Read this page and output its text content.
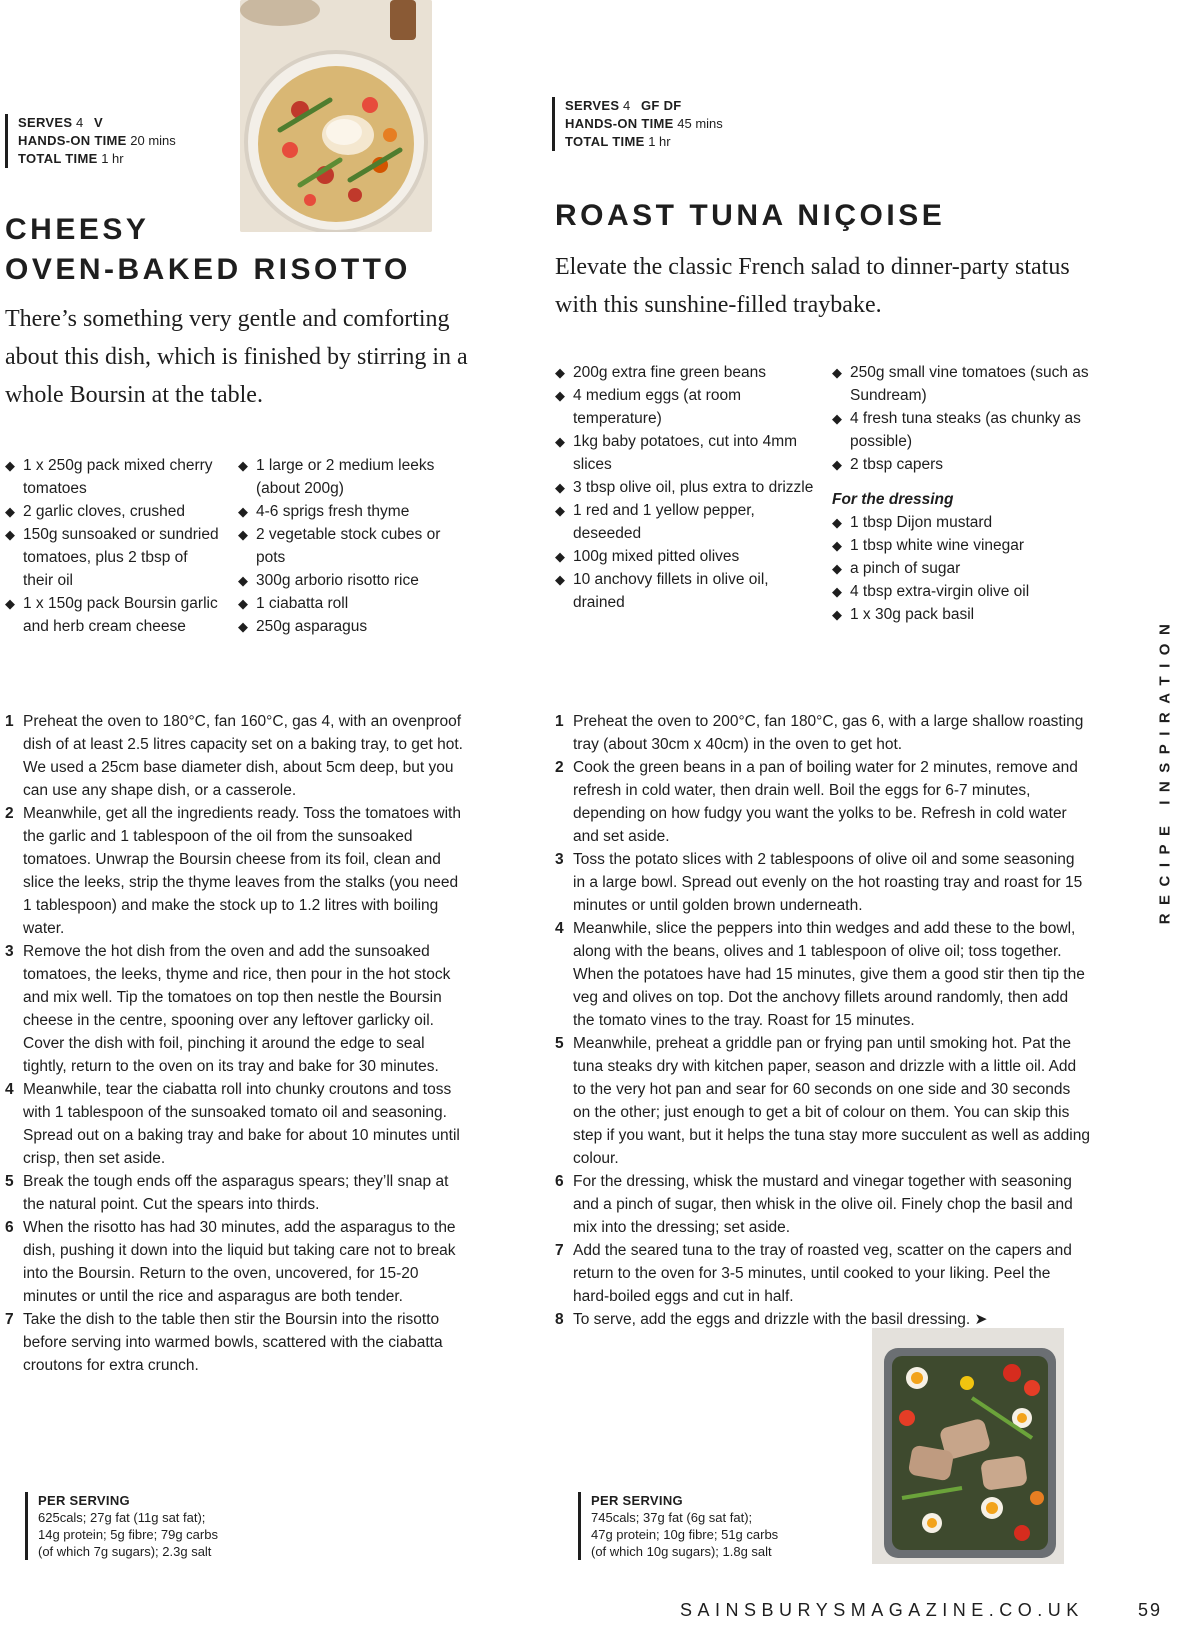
SERVES 4 V
HANDS-ON TIME 20 mins
TOTAL TIME 1 hr
CHEESY
OVEN-BAKED RISOTTO

There’s something very gentle and comforting about this dish, which is finished by stirring in a whole Boursin at the table.

◆ 1 x 250g pack mixed cherry tomatoes
◆ 2 garlic cloves, crushed
◆ 150g sunsoaked or sundried tomatoes, plus 2 tbsp of their oil
◆ 1 x 150g pack Boursin garlic and herb cream cheese
◆ 1 large or 2 medium leeks (about 200g)
◆ 4-6 sprigs fresh thyme
◆ 2 vegetable stock cubes or pots
◆ 300g arborio risotto rice
◆ 1 ciabatta roll
◆ 250g asparagus
1 Preheat the oven to 180°C, fan 160°C, gas 4, with an ovenproof dish of at least 2.5 litres capacity set on a baking tray, to get hot. We used a 25cm base diameter dish, about 5cm deep, but you can use any shape dish, or a casserole.
2 Meanwhile, get all the ingredients ready. Toss the tomatoes with the garlic and 1 tablespoon of the oil from the sunsoaked tomatoes. Unwrap the Boursin cheese from its foil, clean and slice the leeks, strip the thyme leaves from the stalks (you need 1 tablespoon) and make the stock up to 1.2 litres with boiling water.
3 Remove the hot dish from the oven and add the sunsoaked tomatoes, the leeks, thyme and rice, then pour in the hot stock and mix well. Tip the tomatoes on top then nestle the Boursin cheese in the centre, spooning over any leftover garlicky oil. Cover the dish with foil, pinching it around the edge to seal tightly, return to the oven on its tray and bake for 30 minutes.
4 Meanwhile, tear the ciabatta roll into chunky croutons and toss with 1 tablespoon of the sunsoaked tomato oil and seasoning. Spread out on a baking tray and bake for about 10 minutes until crisp, then set aside.
5 Break the tough ends off the asparagus spears; they’ll snap at the natural point. Cut the spears into thirds.
6 When the risotto has had 30 minutes, add the asparagus to the dish, pushing it down into the liquid but taking care not to break into the Boursin. Return to the oven, uncovered, for 15-20 minutes or until the rice and asparagus are both tender.
7 Take the dish to the table then stir the Boursin into the risotto before serving into warmed bowls, scattered with the ciabatta croutons for extra crunch.
PER SERVING
625cals; 27g fat (11g sat fat);
14g protein; 5g fibre; 79g carbs
(of which 7g sugars); 2.3g salt
SERVES 4 GF DF
HANDS-ON TIME 45 mins
TOTAL TIME 1 hr
ROAST TUNA NIÇOISE

Elevate the classic French salad to dinner-party status with this sunshine-filled traybake.

◆ 200g extra fine green beans
◆ 4 medium eggs (at room temperature)
◆ 1kg baby potatoes, cut into 4mm slices
◆ 3 tbsp olive oil, plus extra to drizzle
◆ 1 red and 1 yellow pepper, deseeded
◆ 100g mixed pitted olives
◆ 10 anchovy fillets in olive oil, drained
◆ 250g small vine tomatoes (such as Sundream)
◆ 4 fresh tuna steaks (as chunky as possible)
◆ 2 tbsp capers
For the dressing
◆ 1 tbsp Dijon mustard
◆ 1 tbsp white wine vinegar
◆ a pinch of sugar
◆ 4 tbsp extra-virgin olive oil
◆ 1 x 30g pack basil
1 Preheat the oven to 200°C, fan 180°C, gas 6, with a large shallow roasting tray (about 30cm x 40cm) in the oven to get hot.
2 Cook the green beans in a pan of boiling water for 2 minutes, remove and refresh in cold water, then drain well. Boil the eggs for 6-7 minutes, depending on how fudgy you want the yolks to be. Refresh in cold water and set aside.
3 Toss the potato slices with 2 tablespoons of olive oil and some seasoning in a large bowl. Spread out evenly on the hot roasting tray and roast for 15 minutes or until golden brown underneath.
4 Meanwhile, slice the peppers into thin wedges and add these to the bowl, along with the beans, olives and 1 tablespoon of olive oil; toss together. When the potatoes have had 15 minutes, give them a good stir then tip the veg and olives on top. Dot the anchovy fillets around randomly, then add the tomato vines to the tray. Roast for 15 minutes.
5 Meanwhile, preheat a griddle pan or frying pan until smoking hot. Pat the tuna steaks dry with kitchen paper, season and drizzle with a little oil. Add to the very hot pan and sear for 60 seconds on one side and 30 seconds on the other; just enough to get a bit of colour on them. You can skip this step if you want, but it helps the tuna stay more succulent as well as adding colour.
6 For the dressing, whisk the mustard and vinegar together with seasoning and a pinch of sugar, then whisk in the olive oil. Finely chop the basil and mix into the dressing; set aside.
7 Add the seared tuna to the tray of roasted veg, scatter on the capers and return to the oven for 3-5 minutes, until cooked to your liking. Peel the hard-boiled eggs and cut in half.
8 To serve, add the eggs and drizzle with the basil dressing. ➤
PER SERVING
745cals; 37g fat (6g sat fat);
47g protein; 10g fibre; 51g carbs
(of which 10g sugars); 1.8g salt
RECIPE INSPIRATION
SAINSBURYSMAGAZINE.CO.UK	59
